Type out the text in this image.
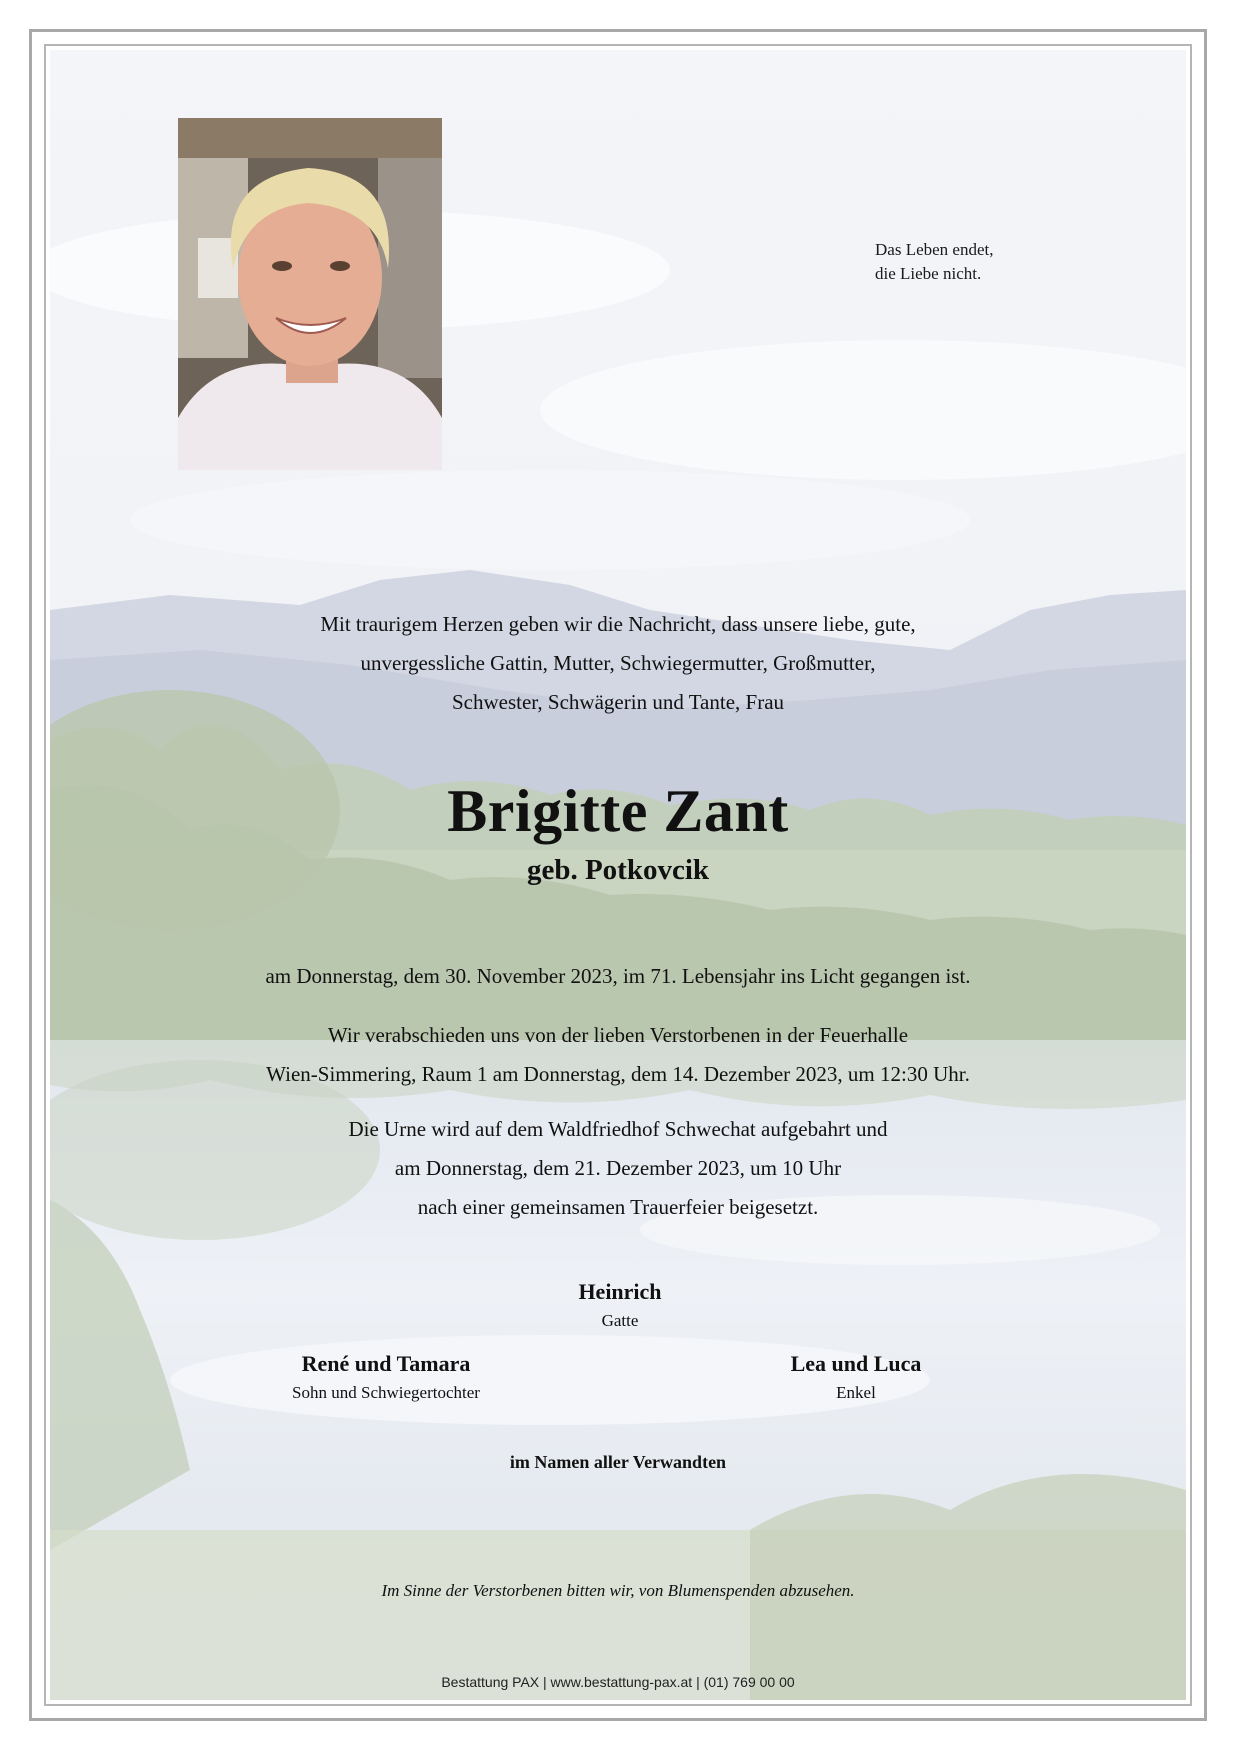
Das Leben endet,
die Liebe nicht.
Mit traurigem Herzen geben wir die Nachricht, dass unsere liebe, gute,
unvergessliche Gattin, Mutter, Schwiegermutter, Großmutter,
Schwester, Schwägerin und Tante, Frau
Brigitte Zant
geb. Potkovcik
am Donnerstag, dem 30. November 2023, im 71. Lebensjahr ins Licht gegangen ist.
Wir verabschieden uns von der lieben Verstorbenen in der Feuerhalle
Wien-Simmering, Raum 1 am Donnerstag, dem 14. Dezember 2023, um 12:30 Uhr.
Die Urne wird auf dem Waldfriedhof Schwechat aufgebahrt und
am Donnerstag, dem 21. Dezember 2023, um 10 Uhr
nach einer gemeinsamen Trauerfeier beigesetzt.
Heinrich
Gatte
René und Tamara
Sohn und Schwiegertochter
Lea und Luca
Enkel
im Namen aller Verwandten
Im Sinne der Verstorbenen bitten wir, von Blumenspenden abzusehen.
Bestattung PAX | www.bestattung-pax.at | (01) 769 00 00
